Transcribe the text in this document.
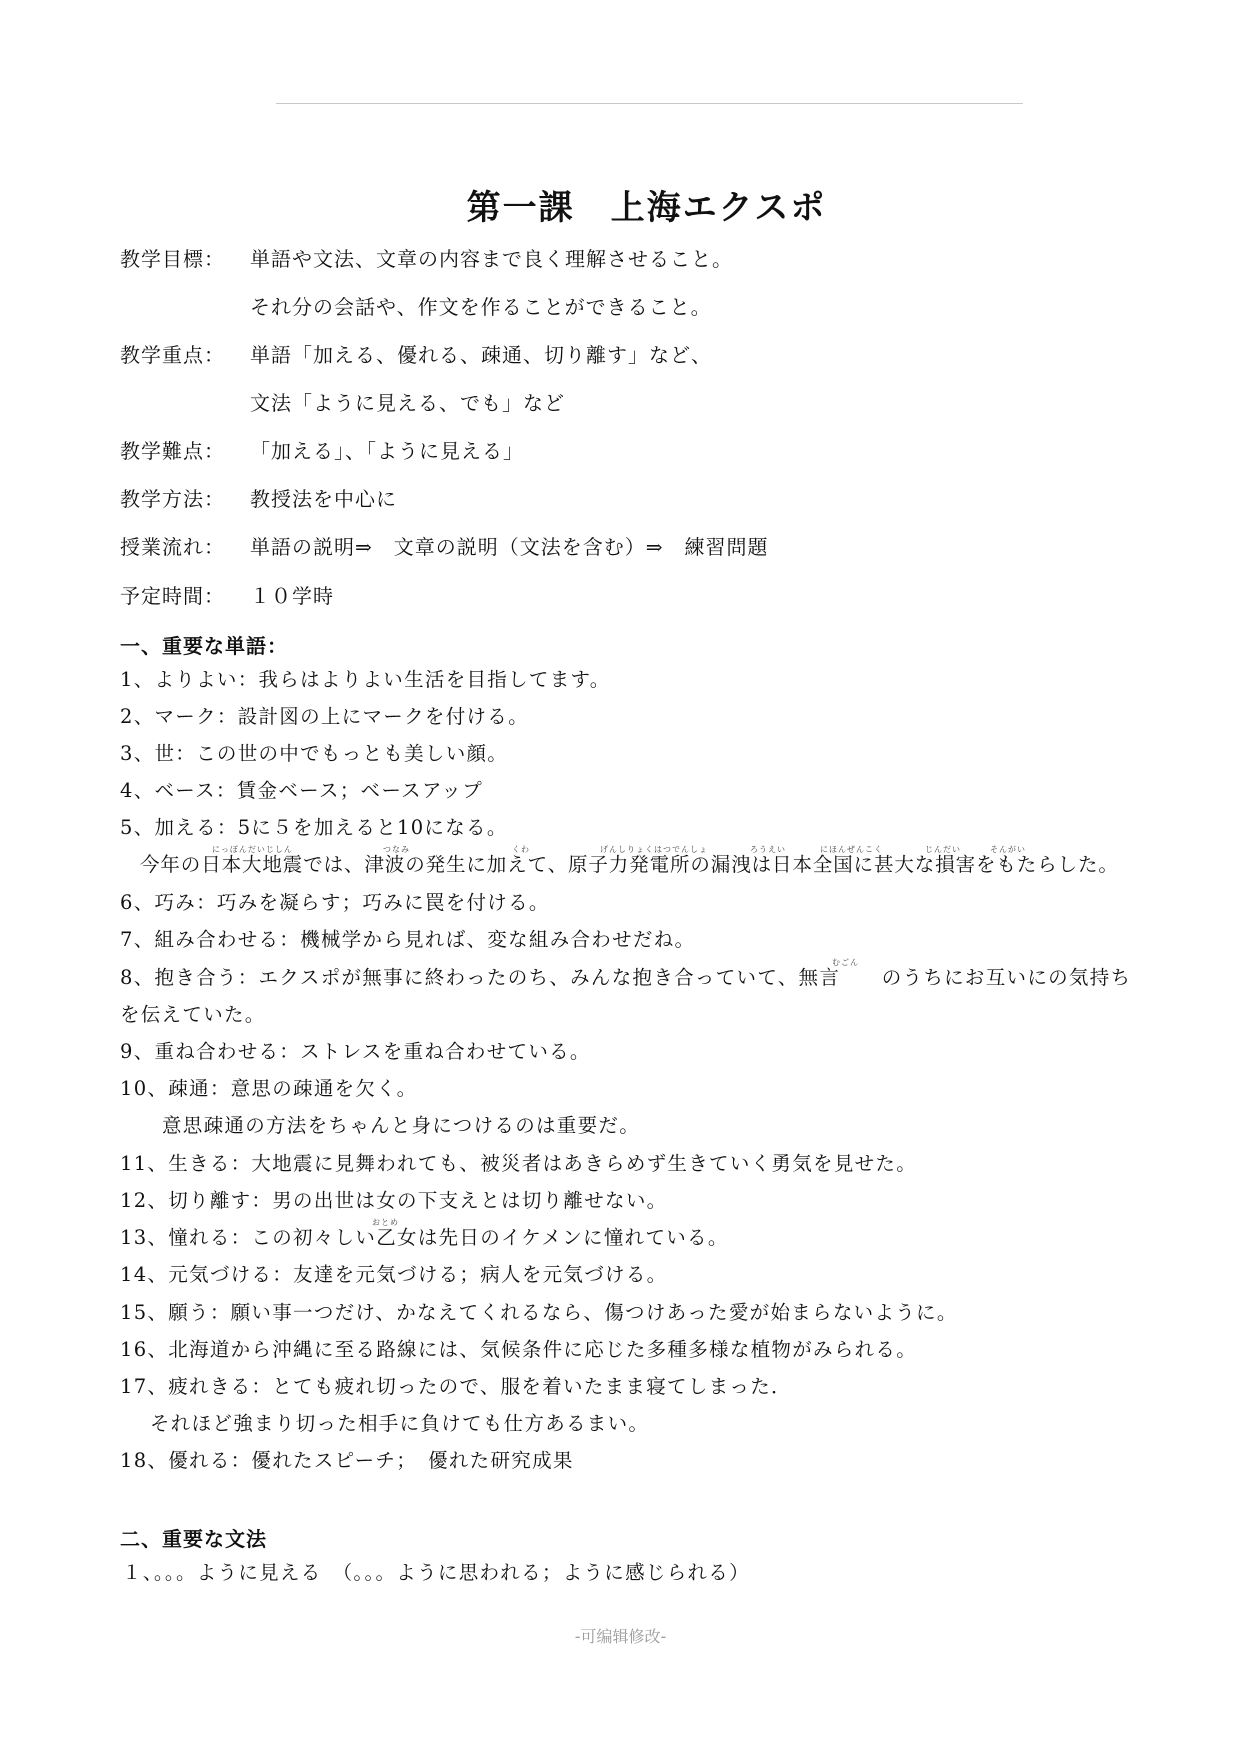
第一課　上海エクスポ
教学目標： 単語や文法、文章の内容まで良く理解させること。
それ分の会話や、作文を作ることができること。
教学重点： 単語「加える、優れる、疎通、切り離す」など、
文法「ように見える、でも」など
教学難点： 「加える」、「ように見える」
教学方法： 教授法を中心に
授業流れ： 単語の説明⇒　文章の説明（文法を含む）⇒　練習問題
予定時間： １０学時
一、重要な単語：
1、よりよい：我らはよりよい生活を目指してます。
2、マーク：設計図の上にマークを付ける。
3、世：この世の中でもっとも美しい顔。
4、ベース：賃金ベース；ベースアップ
5、加える：5に５を加えると10になる。
にっぽんだいじしん	つなみ	くわ	げんしりょくはつでんしょ	ろうえい	にほんぜんこく	じんだい	そんがい
今年の日本大地震では、津波の発生に加えて、原子力発電所の漏洩は日本全国に甚大な損害をもたらした。
6、巧み：巧みを凝らす；巧みに罠を付ける。
7、組み合わせる：機械学から見れば、変な組み合わせだね。
むごん
8、抱き合う：エクスポが無事に終わったのち、みんな抱き合っていて、無言　　のうちにお互いにの気持ち
を伝えていた。
9、重ね合わせる：ストレスを重ね合わせている。
10、疎通：意思の疎通を欠く。
意思疎通の方法をちゃんと身につけるのは重要だ。
11、生きる：大地震に見舞われても、被災者はあきらめず生きていく勇気を見せた。
12、切り離す：男の出世は女の下支えとは切り離せない。
おとめ
13、憧れる：この初々しい乙女は先日のイケメンに憧れている。
14、元気づける：友達を元気づける；病人を元気づける。
15、願う：願い事一つだけ、かなえてくれるなら、傷つけあった愛が始まらないように。
16、北海道から沖縄に至る路線には、気候条件に応じた多種多様な植物がみられる。
17、疲れきる：とても疲れ切ったので、服を着いたまま寝てしまった．
それほど強まり切った相手に負けても仕方あるまい。
18、優れる：優れたスピーチ；　優れた研究成果
二、重要な文法
１、。。。ように見える　（。。。ように思われる；ように感じられる）
-可编辑修改-
